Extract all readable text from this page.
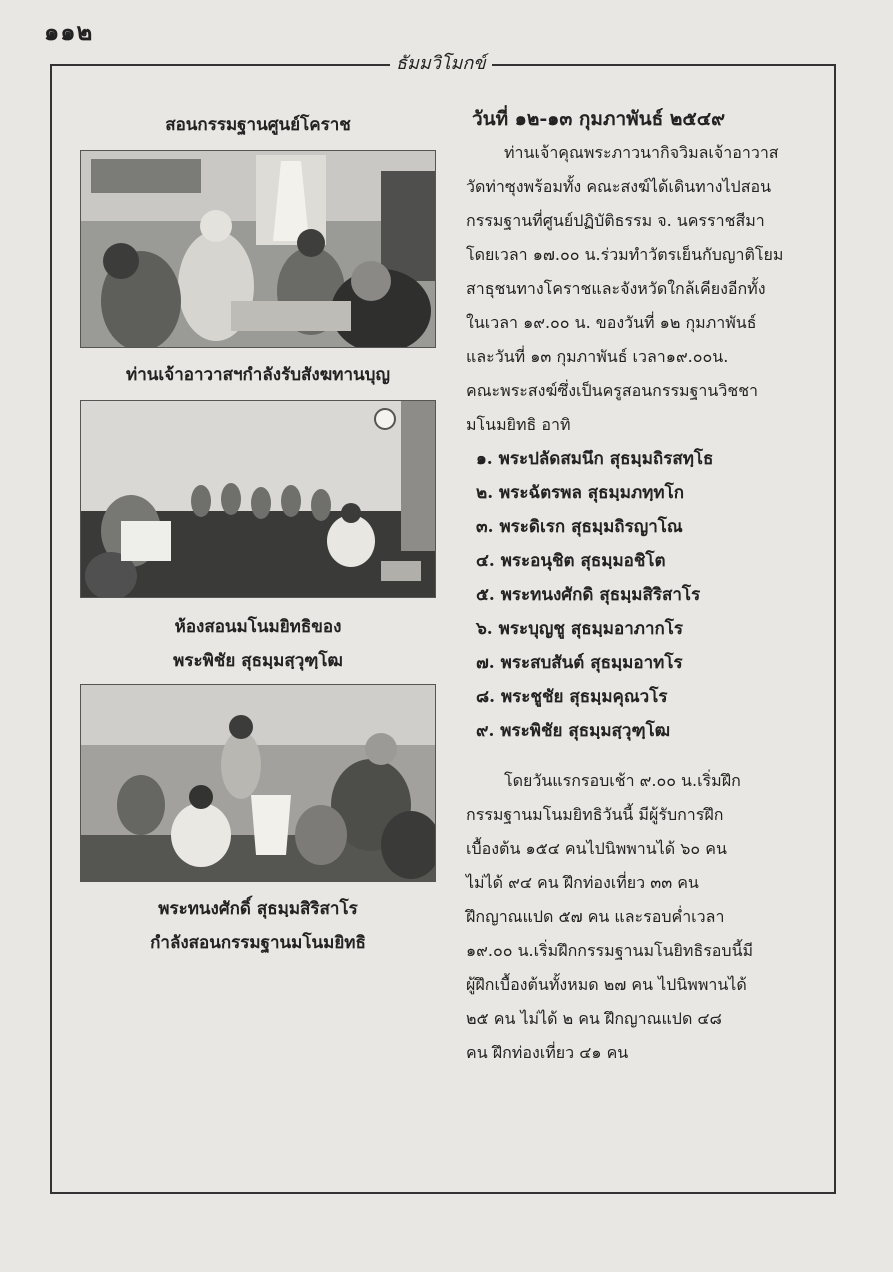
๑๑๒
ธัมมวิโมกข์
สอนกรรมฐานศูนย์โคราช
ท่านเจ้าอาวาสฯกำลังรับสังฆทานบุญ
ห้องสอนมโนมยิทธิของ
พระพิชัย สุธมฺมสฺวุฑฺโฒ
พระทนงศักดิ์ สุธมฺมสิริสาโร
กำลังสอนกรรมฐานมโนมยิทธิ
วันที่ ๑๒-๑๓ กุมภาพันธ์ ๒๕๔๙
ท่านเจ้าคุณพระภาวนากิจวิมลเจ้าอาวาส
วัดท่าซุงพร้อมทั้ง คณะสงฆ์ได้เดินทางไปสอน
กรรมฐานที่ศูนย์ปฏิบัติธรรม จ. นครราชสีมา
โดยเวลา ๑๗.๐๐ น.ร่วมทำวัตรเย็นกับญาติโยม
สาธุชนทางโคราชและจังหวัดใกล้เคียงอีกทั้ง
ในเวลา ๑๙.๐๐ น. ของวันที่ ๑๒ กุมภาพันธ์
และวันที่ ๑๓ กุมภาพันธ์ เวลา๑๙.๐๐น.
คณะพระสงฆ์ซึ่งเป็นครูสอนกรรมฐานวิชชา
มโนมยิทธิ อาทิ
๑. พระปลัดสมนึก สุธมฺมถิรสทฺโธ
๒. พระฉัตรพล สุธมฺมภทฺทโก
๓. พระดิเรก สุธมฺมถิรญาโณ
๔. พระอนุชิต สุธมฺมอชิโต
๕. พระทนงศักดิ สุธมฺมสิริสาโร
๖. พระบุญชู สุธมฺมอาภากโร
๗. พระสบสันต์ สุธมฺมอาทโร
๘. พระชูชัย สุธมฺมคุณวโร
๙. พระพิชัย สุธมฺมสฺวุฑฺโฒ
โดยวันแรกรอบเช้า ๙.๐๐ น.เริ่มฝึก
กรรมฐานมโนมยิทธิวันนี้ มีผู้รับการฝึก
เบื้องต้น ๑๕๔ คนไปนิพพานได้ ๖๐ คน
ไม่ได้ ๙๔ คน ฝึกท่องเที่ยว ๓๓ คน
ฝึกญาณแปด ๕๗ คน และรอบค่ำเวลา
๑๙.๐๐ น.เริ่มฝึกกรรมฐานมโนยิทธิรอบนี้มี
ผู้ฝึกเบื้องต้นทั้งหมด ๒๗ คน ไปนิพพานได้
๒๕ คน ไม่ได้ ๒ คน ฝึกญาณแปด ๔๘
คน ฝึกท่องเที่ยว ๔๑ คน
